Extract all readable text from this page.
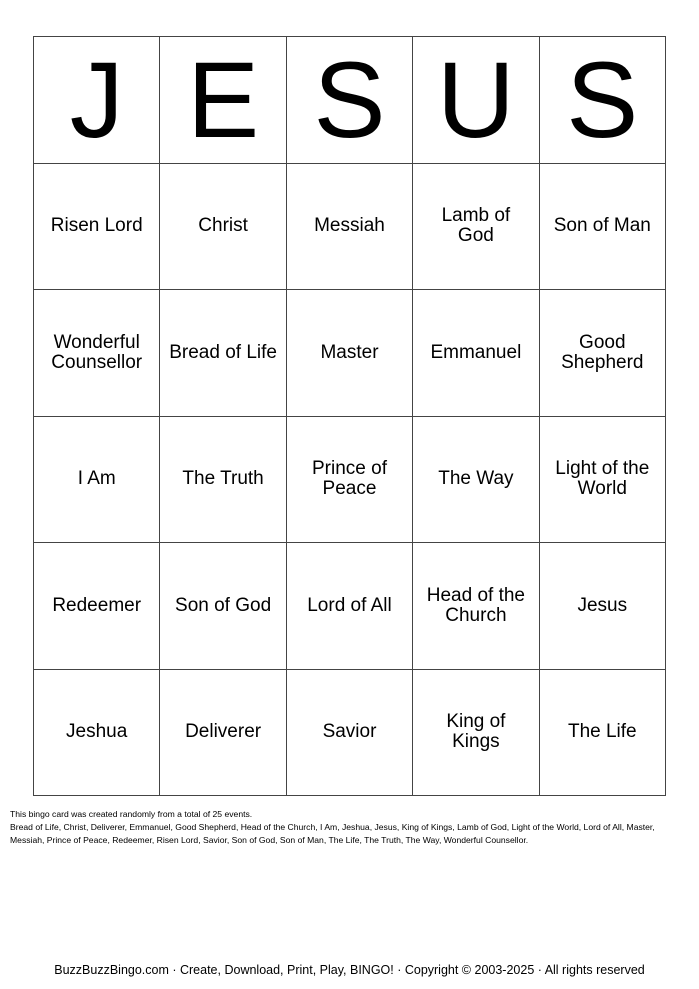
J E S U S
Risen Lord	Christ	Messiah	Lamb of God	Son of Man
Wonderful Counsellor	Bread of Life	Master	Emmanuel	Good Shepherd
I Am	The Truth	Prince of Peace	The Way	Light of the World
Redeemer	Son of God	Lord of All	Head of the Church	Jesus
Jeshua	Deliverer	Savior	King of Kings	The Life
This bingo card was created randomly from a total of 25 events.
Bread of Life, Christ, Deliverer, Emmanuel, Good Shepherd, Head of the Church, I Am, Jeshua, Jesus, King of Kings, Lamb of God, Light of the World, Lord of All, Master, Messiah, Prince of Peace, Redeemer, Risen Lord, Savior, Son of God, Son of Man, The Life, The Truth, The Way, Wonderful Counsellor.
BuzzBuzzBingo.com · Create, Download, Print, Play, BINGO! · Copyright © 2003-2025 · All rights reserved
